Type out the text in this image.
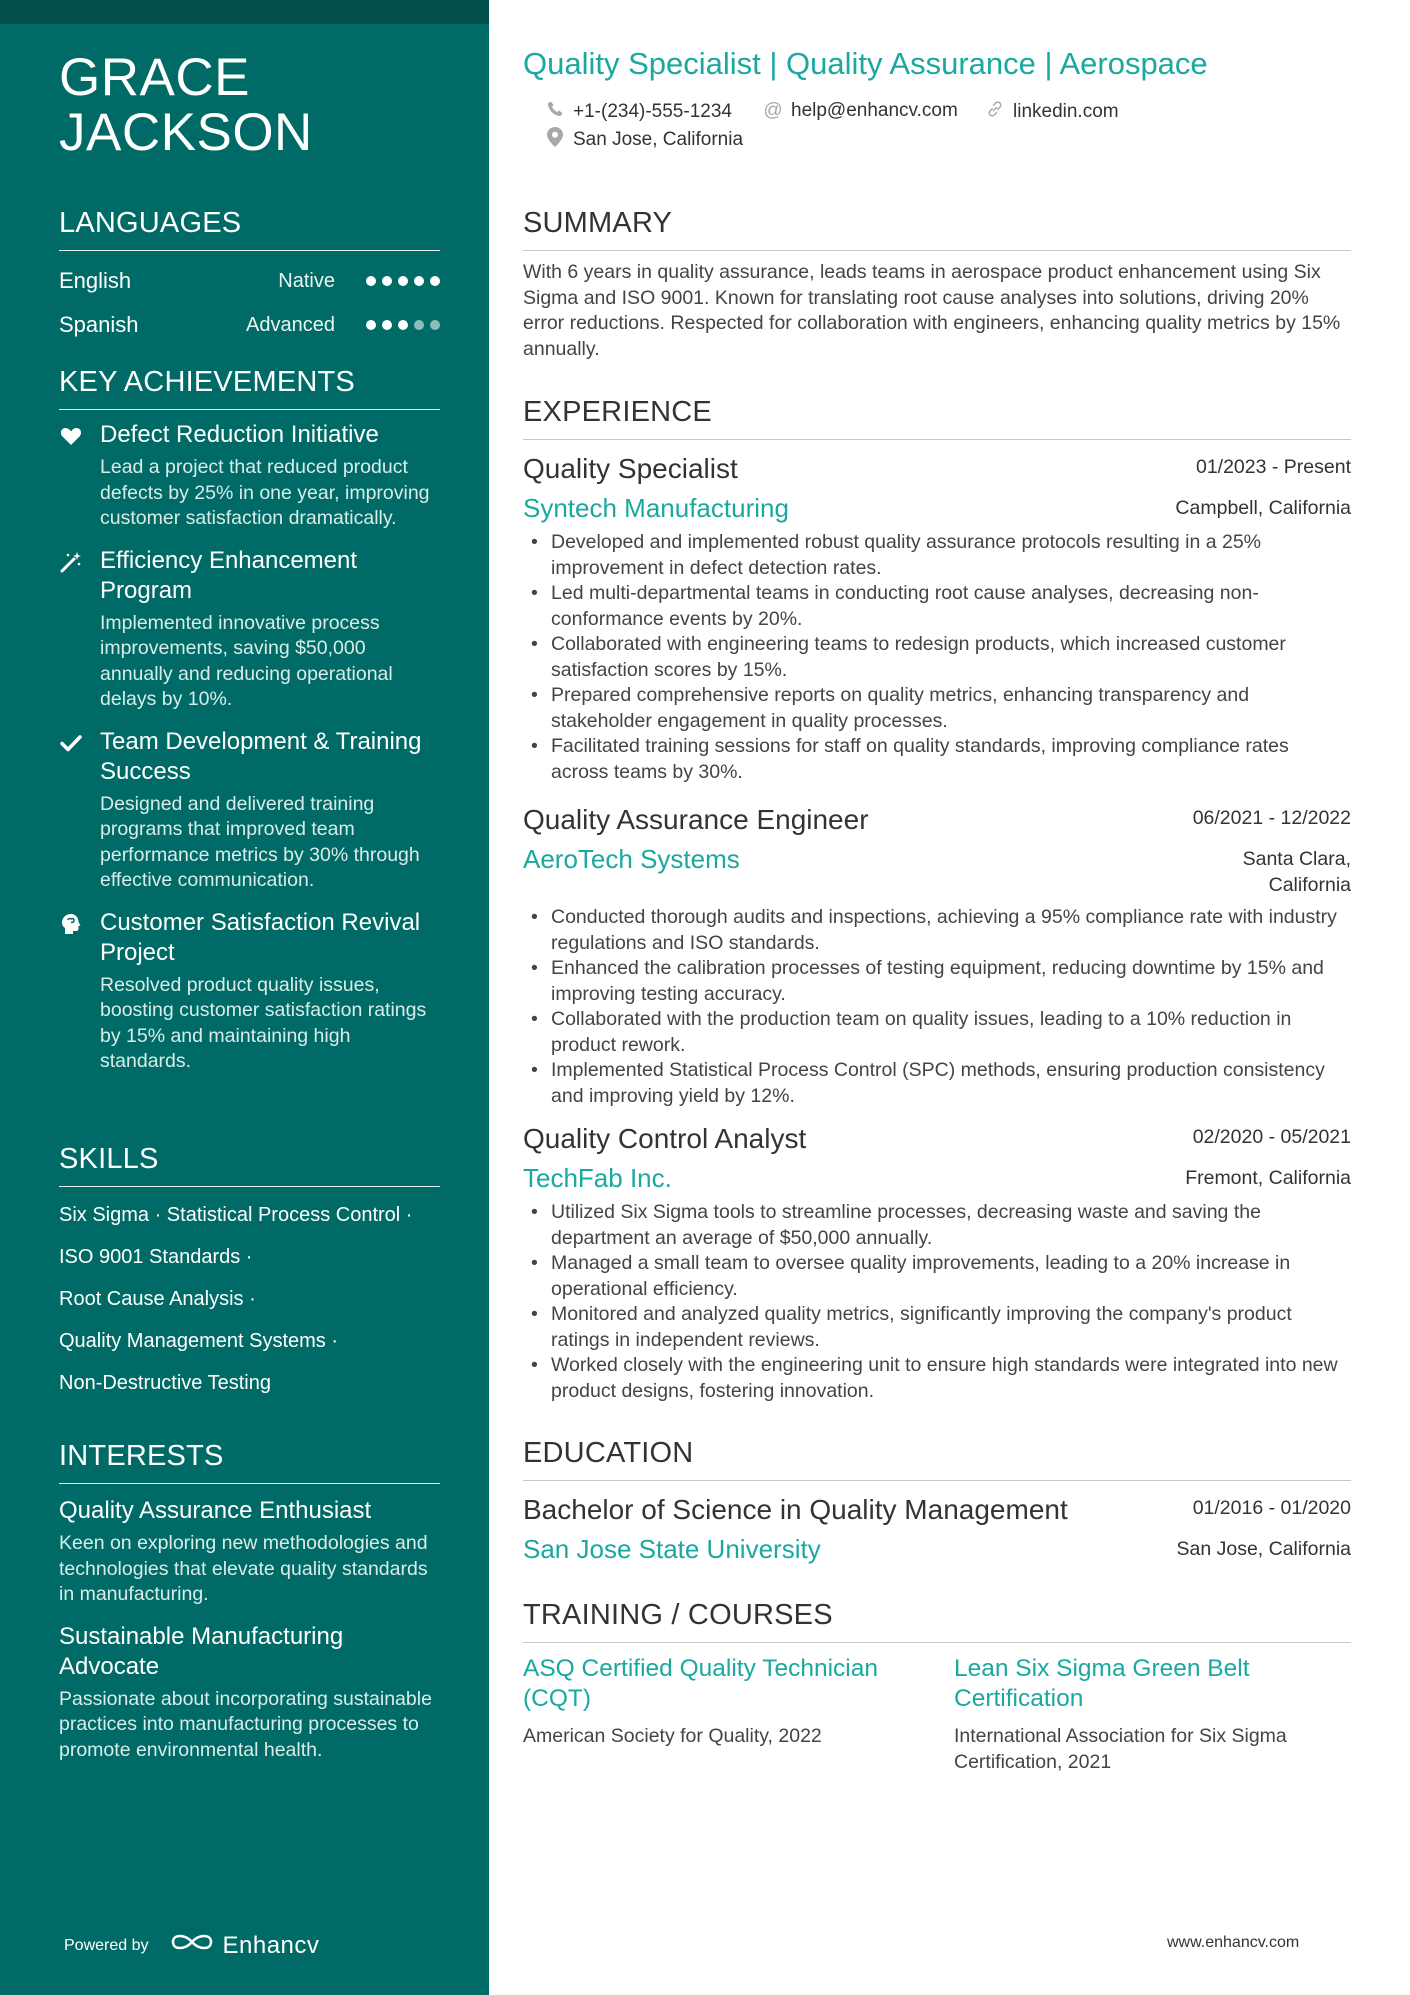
GRACE
JACKSON
LANGUAGES
English	Native
Spanish	Advanced
KEY ACHIEVEMENTS
Defect Reduction Initiative
Lead a project that reduced product defects by 25% in one year, improving customer satisfaction dramatically.
Efficiency Enhancement Program
Implemented innovative process improvements, saving $50,000 annually and reducing operational delays by 10%.
Team Development & Training Success
Designed and delivered training programs that improved team performance metrics by 30% through effective communication.
Customer Satisfaction Revival Project
Resolved product quality issues, boosting customer satisfaction ratings by 15% and maintaining high standards.
SKILLS
Six Sigma · Statistical Process Control ·
ISO 9001 Standards ·
Root Cause Analysis ·
Quality Management Systems ·
Non-Destructive Testing
INTERESTS
Quality Assurance Enthusiast
Keen on exploring new methodologies and technologies that elevate quality standards in manufacturing.
Sustainable Manufacturing Advocate
Passionate about incorporating sustainable practices into manufacturing processes to promote environmental health.
Powered by	Enhancv
Quality Specialist | Quality Assurance | Aerospace
+1-(234)-555-1234 @ help@enhancv.com	linkedin.com
San Jose, California
SUMMARY

With 6 years in quality assurance, leads teams in aerospace product enhancement using Six Sigma and ISO 9001. Known for translating root cause analyses into solutions, driving 20% error reductions. Respected for collaboration with engineers, enhancing quality metrics by 15% annually.

EXPERIENCE
Quality Specialist	01/2023 - Present
Syntech Manufacturing	Campbell, California
• Developed and implemented robust quality assurance protocols resulting in a 25% improvement in defect detection rates.
• Led multi-departmental teams in conducting root cause analyses, decreasing non-conformance events by 20%.
• Collaborated with engineering teams to redesign products, which increased customer satisfaction scores by 15%.
• Prepared comprehensive reports on quality metrics, enhancing transparency and stakeholder engagement in quality processes.
• Facilitated training sessions for staff on quality standards, improving compliance rates across teams by 30%.
Quality Assurance Engineer	06/2021 - 12/2022
AeroTech Systems	Santa Clara,
California
• Conducted thorough audits and inspections, achieving a 95% compliance rate with industry regulations and ISO standards.
• Enhanced the calibration processes of testing equipment, reducing downtime by 15% and improving testing accuracy.
• Collaborated with the production team on quality issues, leading to a 10% reduction in product rework.
• Implemented Statistical Process Control (SPC) methods, ensuring production consistency and improving yield by 12%.
Quality Control Analyst	02/2020 - 05/2021
TechFab Inc.	Fremont, California
• Utilized Six Sigma tools to streamline processes, decreasing waste and saving the department an average of $50,000 annually.
• Managed a small team to oversee quality improvements, leading to a 20% increase in operational efficiency.
• Monitored and analyzed quality metrics, significantly improving the company's product ratings in independent reviews.
• Worked closely with the engineering unit to ensure high standards were integrated into new product designs, fostering innovation.
EDUCATION
Bachelor of Science in Quality Management	01/2016 - 01/2020
San Jose State University	San Jose, California
TRAINING / COURSES
ASQ Certified Quality Technician (CQT)
American Society for Quality, 2022
Lean Six Sigma Green Belt Certification
International Association for Six Sigma Certification, 2021
www.enhancv.com
